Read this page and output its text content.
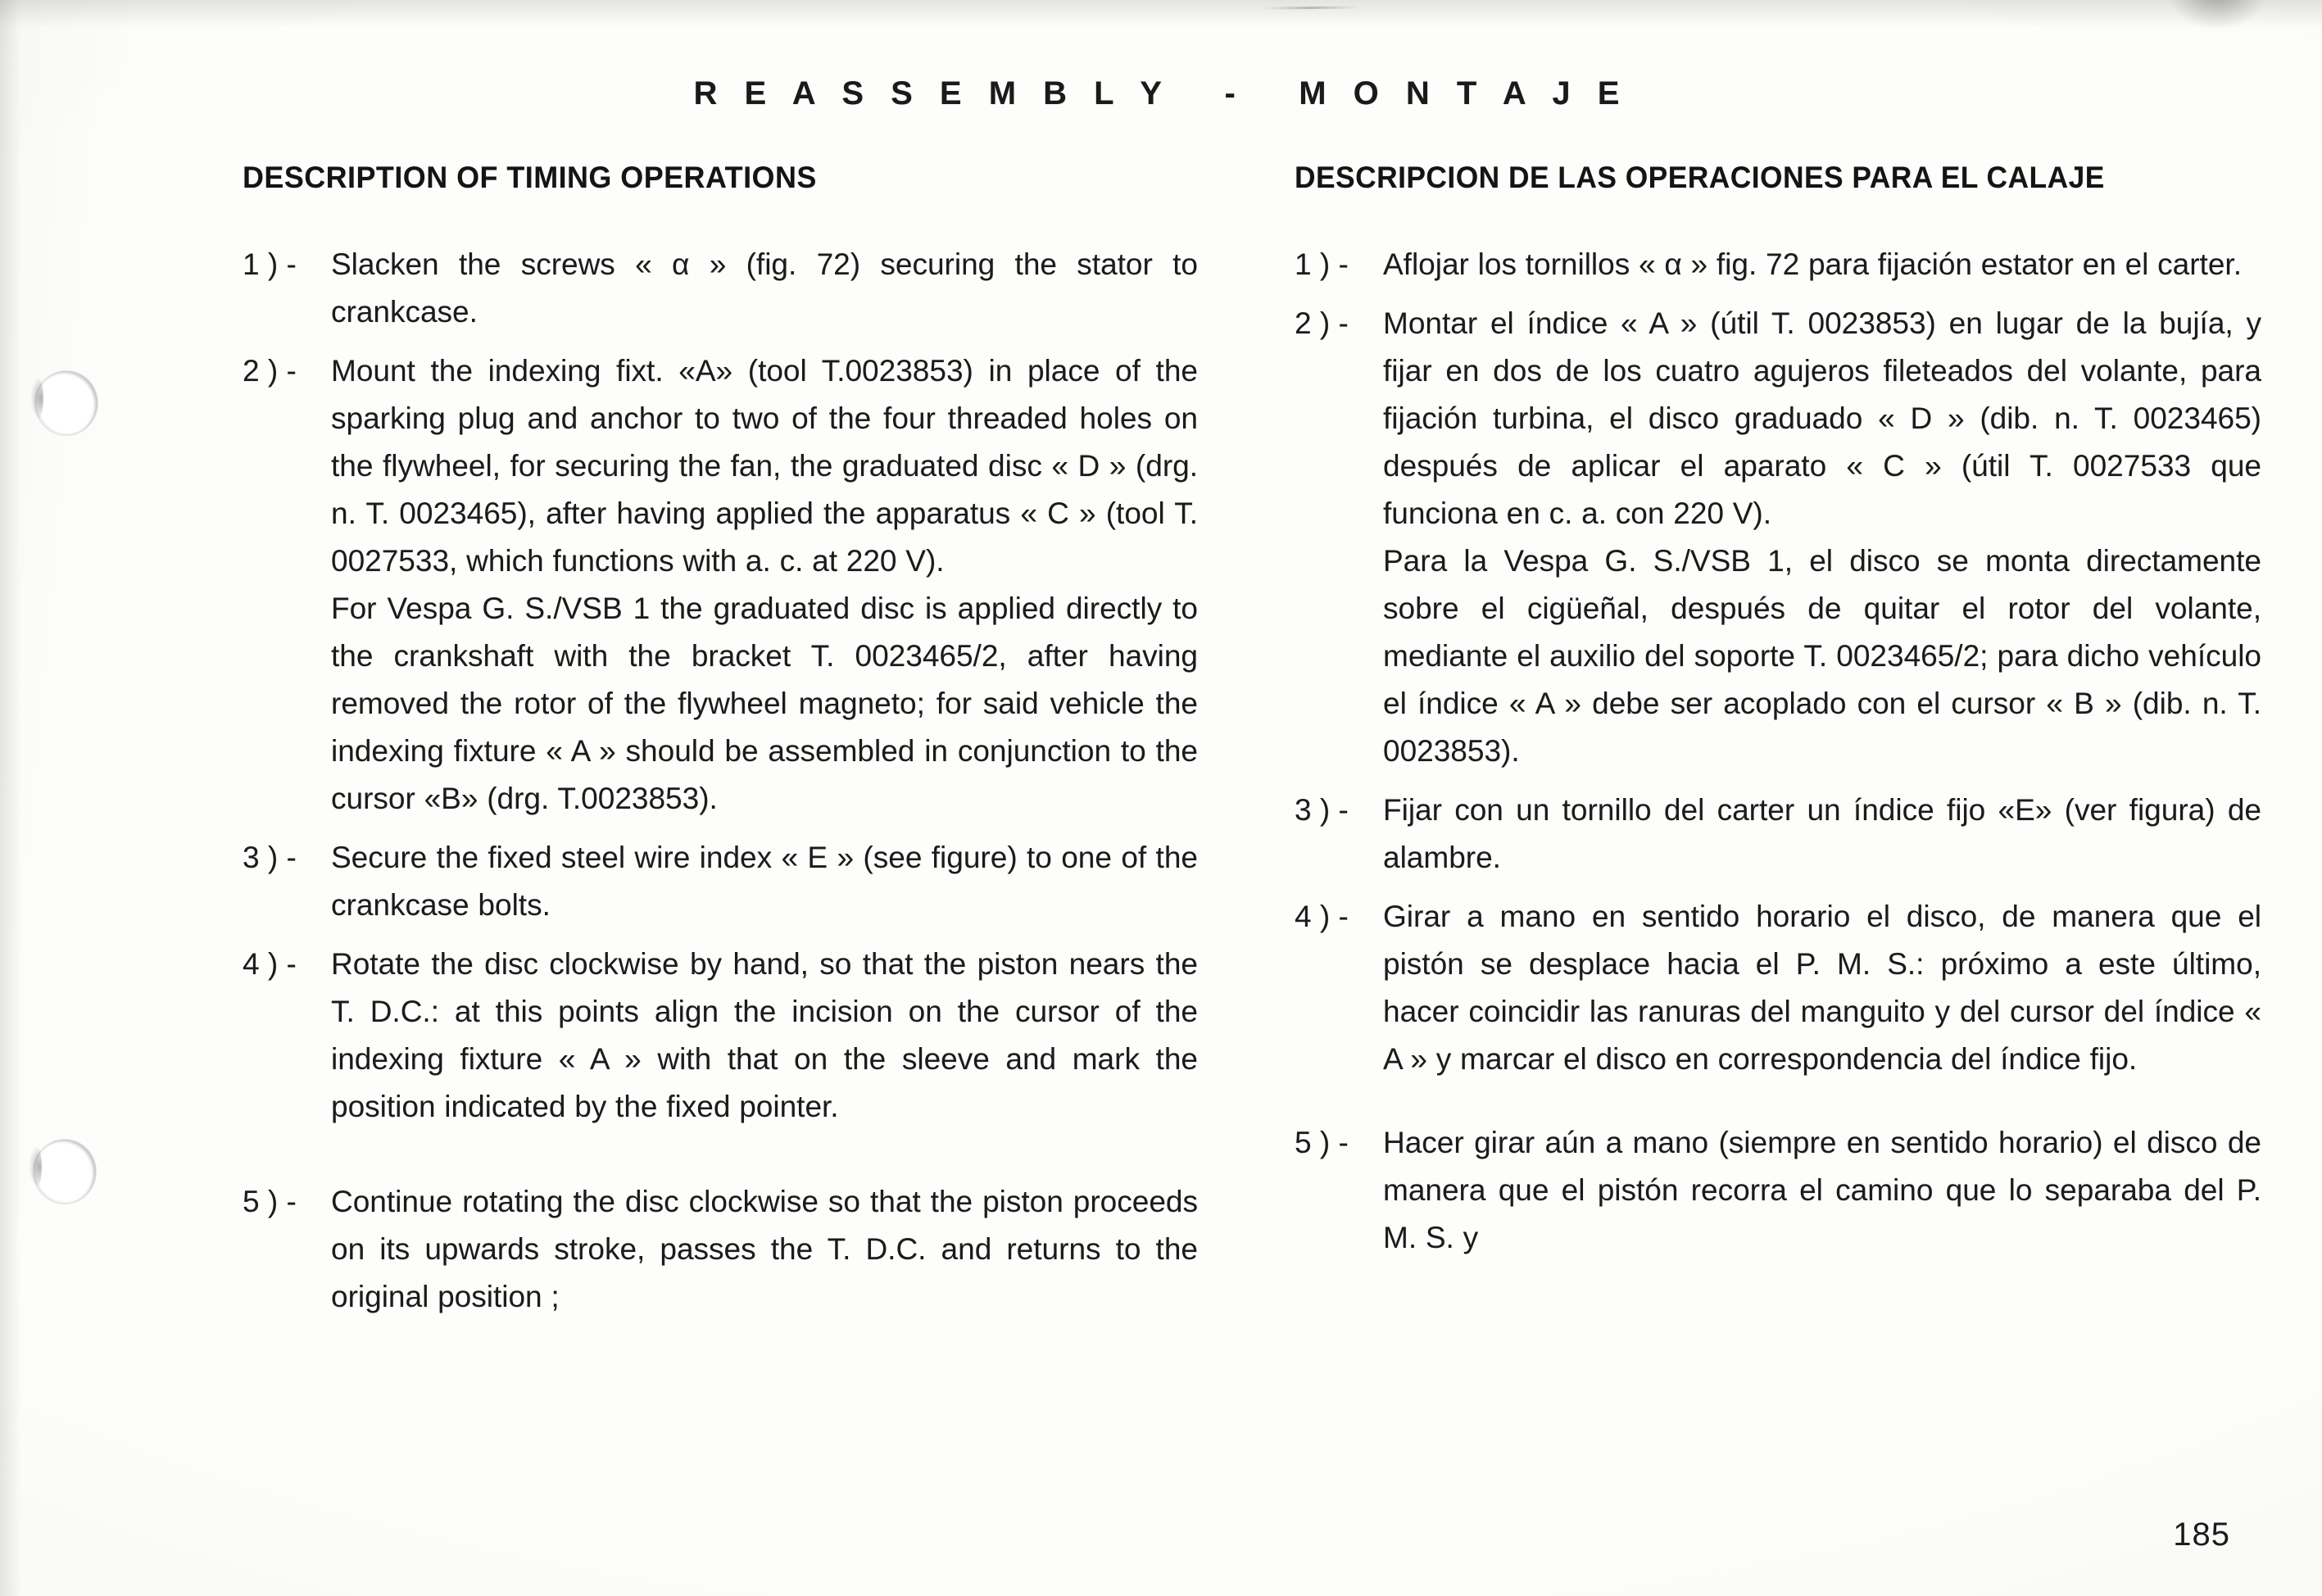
R E A S S E M B L Y   -   M O N T A J E
DESCRIPTION OF TIMING OPERATIONS
1 ) -	Slacken the screws « α » (fig. 72) securing the stator to crankcase.

2 ) -	Mount the indexing fixt. «A» (tool T.0023853) in place of the sparking plug and anchor to two of the four threaded holes on the flywheel, for securing the fan, the graduated disc « D » (drg. n. T. 0023465), after having applied the apparatus « C » (tool T. 0027533, which functions with a. c. at 220 V).

For Vespa G. S./VSB 1 the graduated disc is applied directly to the crankshaft with the bracket T. 0023465/2, after having removed the rotor of the flywheel magneto; for said vehicle the indexing fixture « A » should be assembled in conjunction to the cursor «B» (drg. T.0023853).

3 ) -	Secure the fixed steel wire index « E » (see figure) to one of the crankcase bolts.

4 ) -	Rotate the disc clockwise by hand, so that the piston nears the T. D.C.: at this points align the incision on the cursor of the indexing fixture « A » with that on the sleeve and mark the position indicated by the fixed pointer.

5 ) -	Continue rotating the disc clockwise so that the piston proceeds on its upwards stroke, passes the T. D.C. and returns to the original position ;

DESCRIPCION DE LAS OPERACIONES PARA EL CALAJE
1 ) -	Aflojar los tornillos « α » fig. 72 para fijación estator en el carter.

2 ) -	Montar el índice « A » (útil T. 0023853) en lugar de la bujía, y fijar en dos de los cuatro agujeros fileteados del volante, para fijación turbina, el disco graduado « D » (dib. n. T. 0023465) después de aplicar el aparato « C » (útil T. 0027533 que funciona en c. a. con 220 V).

Para la Vespa G. S./VSB 1, el disco se monta directamente sobre el cigüeñal, después de quitar el rotor del volante, mediante el auxilio del soporte T. 0023465/2; para dicho vehículo el índice « A » debe ser acoplado con el cursor « B » (dib. n. T. 0023853).

3 ) -	Fijar con un tornillo del carter un índice fijo «E» (ver figura) de alambre.

4 ) -	Girar a mano en sentido horario el disco, de manera que el pistón se desplace hacia el P. M. S.: próximo a este último, hacer coincidir las ranuras del manguito y del cursor del índice « A » y marcar el disco en correspondencia del índice fijo.

5 ) -	Hacer girar aún a mano (siempre en sentido horario) el disco de manera que el pistón recorra el camino que lo separaba del P. M. S. y

185
